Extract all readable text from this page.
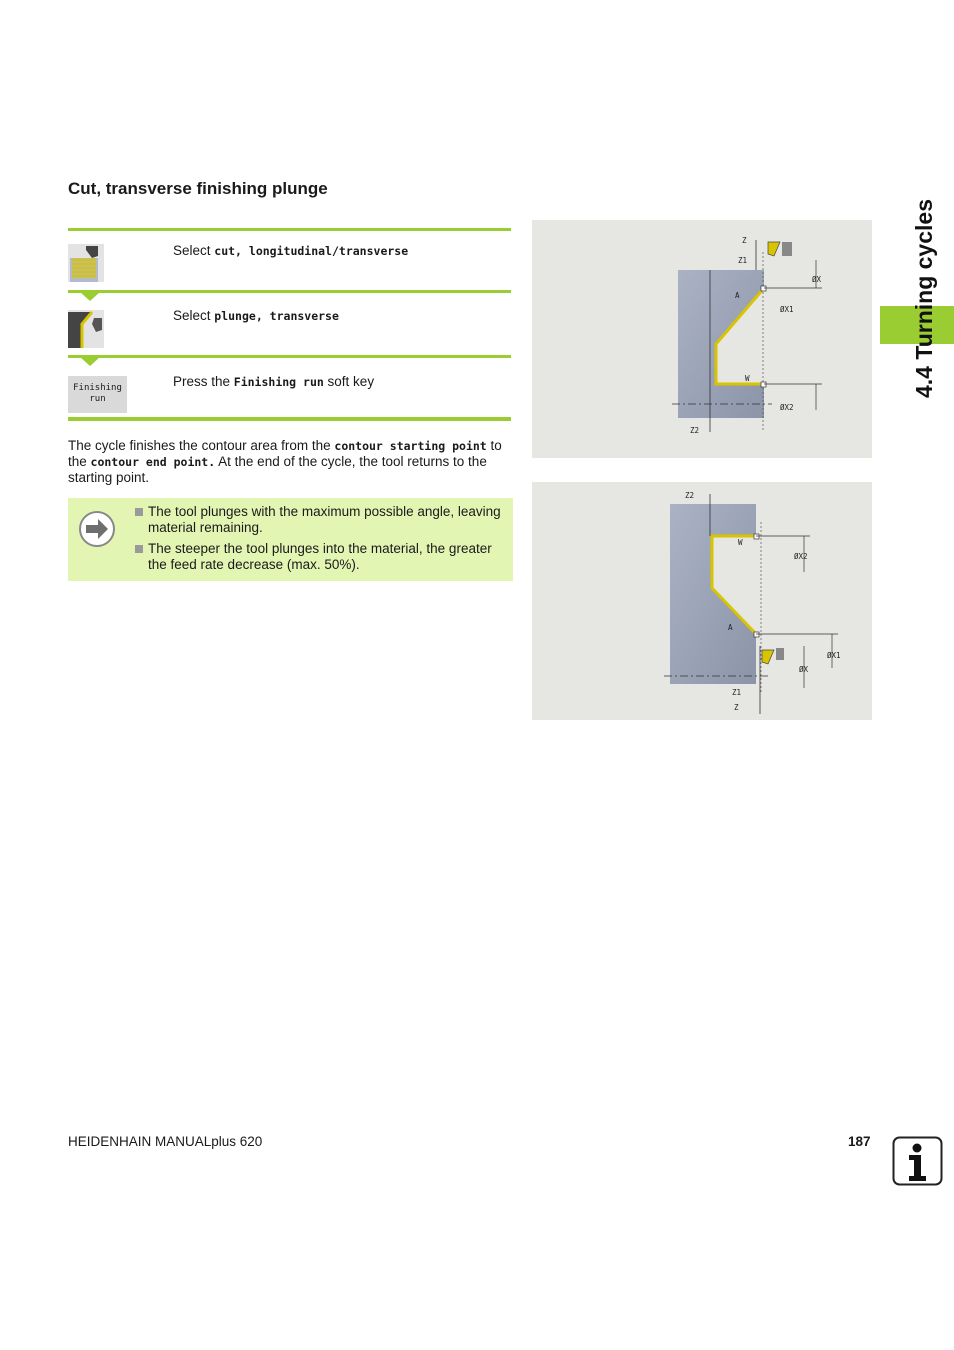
Cut, transverse finishing plunge
Select cut, longitudinal/transverse
Select plunge, transverse
Finishing
run
Press the Finishing run soft key

The cycle finishes the contour area from the contour starting point to the contour end point. At the end of the cycle, the tool returns to the starting point.

The tool plunges with the maximum possible angle, leaving material remaining.
The steeper the tool plunges into the material, the greater the feed rate decrease (max. 50%).
Z
Z1
Z2
ØX
ØX1
ØX2
A
W
Z2
Z1
Z
ØX2
ØX1
ØX
A
W
4.4 Turning cycles
HEIDENHAIN MANUALplus 620	187
